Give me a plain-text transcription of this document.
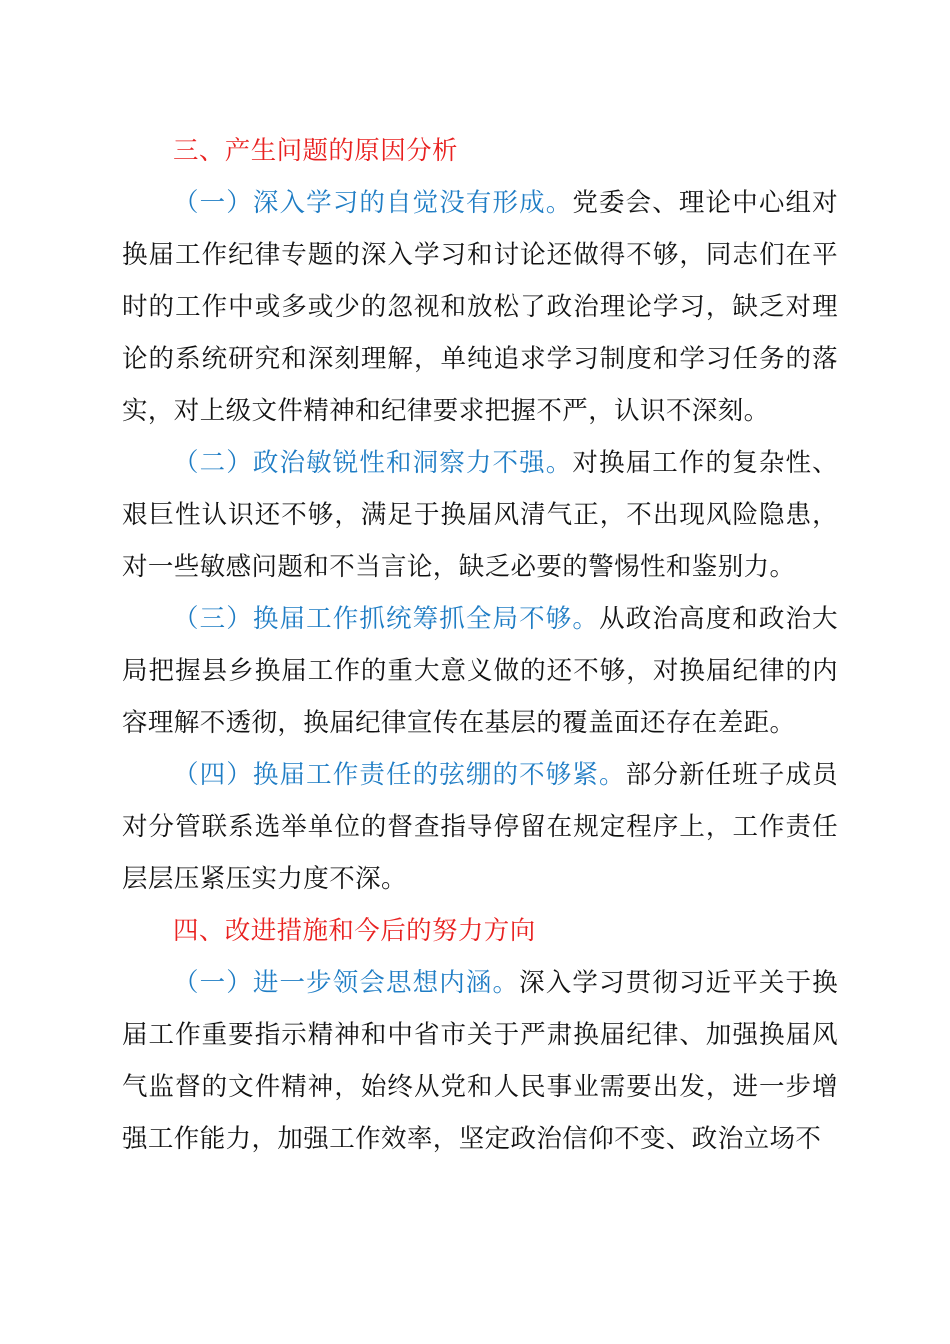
三、产生问题的原因分析

（一）深入学习的自觉没有形成。党委会、理论中心组对换届工作纪律专题的深入学习和讨论还做得不够，同志们在平时的工作中或多或少的忽视和放松了政治理论学习，缺乏对理论的系统研究和深刻理解，单纯追求学习制度和学习任务的落实，对上级文件精神和纪律要求把握不严，认识不深刻。

（二）政治敏锐性和洞察力不强。对换届工作的复杂性、艰巨性认识还不够，满足于换届风清气正，不出现风险隐患，对一些敏感问题和不当言论，缺乏必要的警惕性和鉴别力。

（三）换届工作抓统筹抓全局不够。从政治高度和政治大局把握县乡换届工作的重大意义做的还不够，对换届纪律的内容理解不透彻，换届纪律宣传在基层的覆盖面还存在差距。

（四）换届工作责任的弦绷的不够紧。部分新任班子成员对分管联系选举单位的督查指导停留在规定程序上，工作责任层层压紧压实力度不深。

四、改进措施和今后的努力方向

（一）进一步领会思想内涵。深入学习贯彻习近平关于换届工作重要指示精神和中省市关于严肃换届纪律、加强换届风气监督的文件精神，始终从党和人民事业需要出发，进一步增强工作能力，加强工作效率，坚定政治信仰不变、政治立场不
